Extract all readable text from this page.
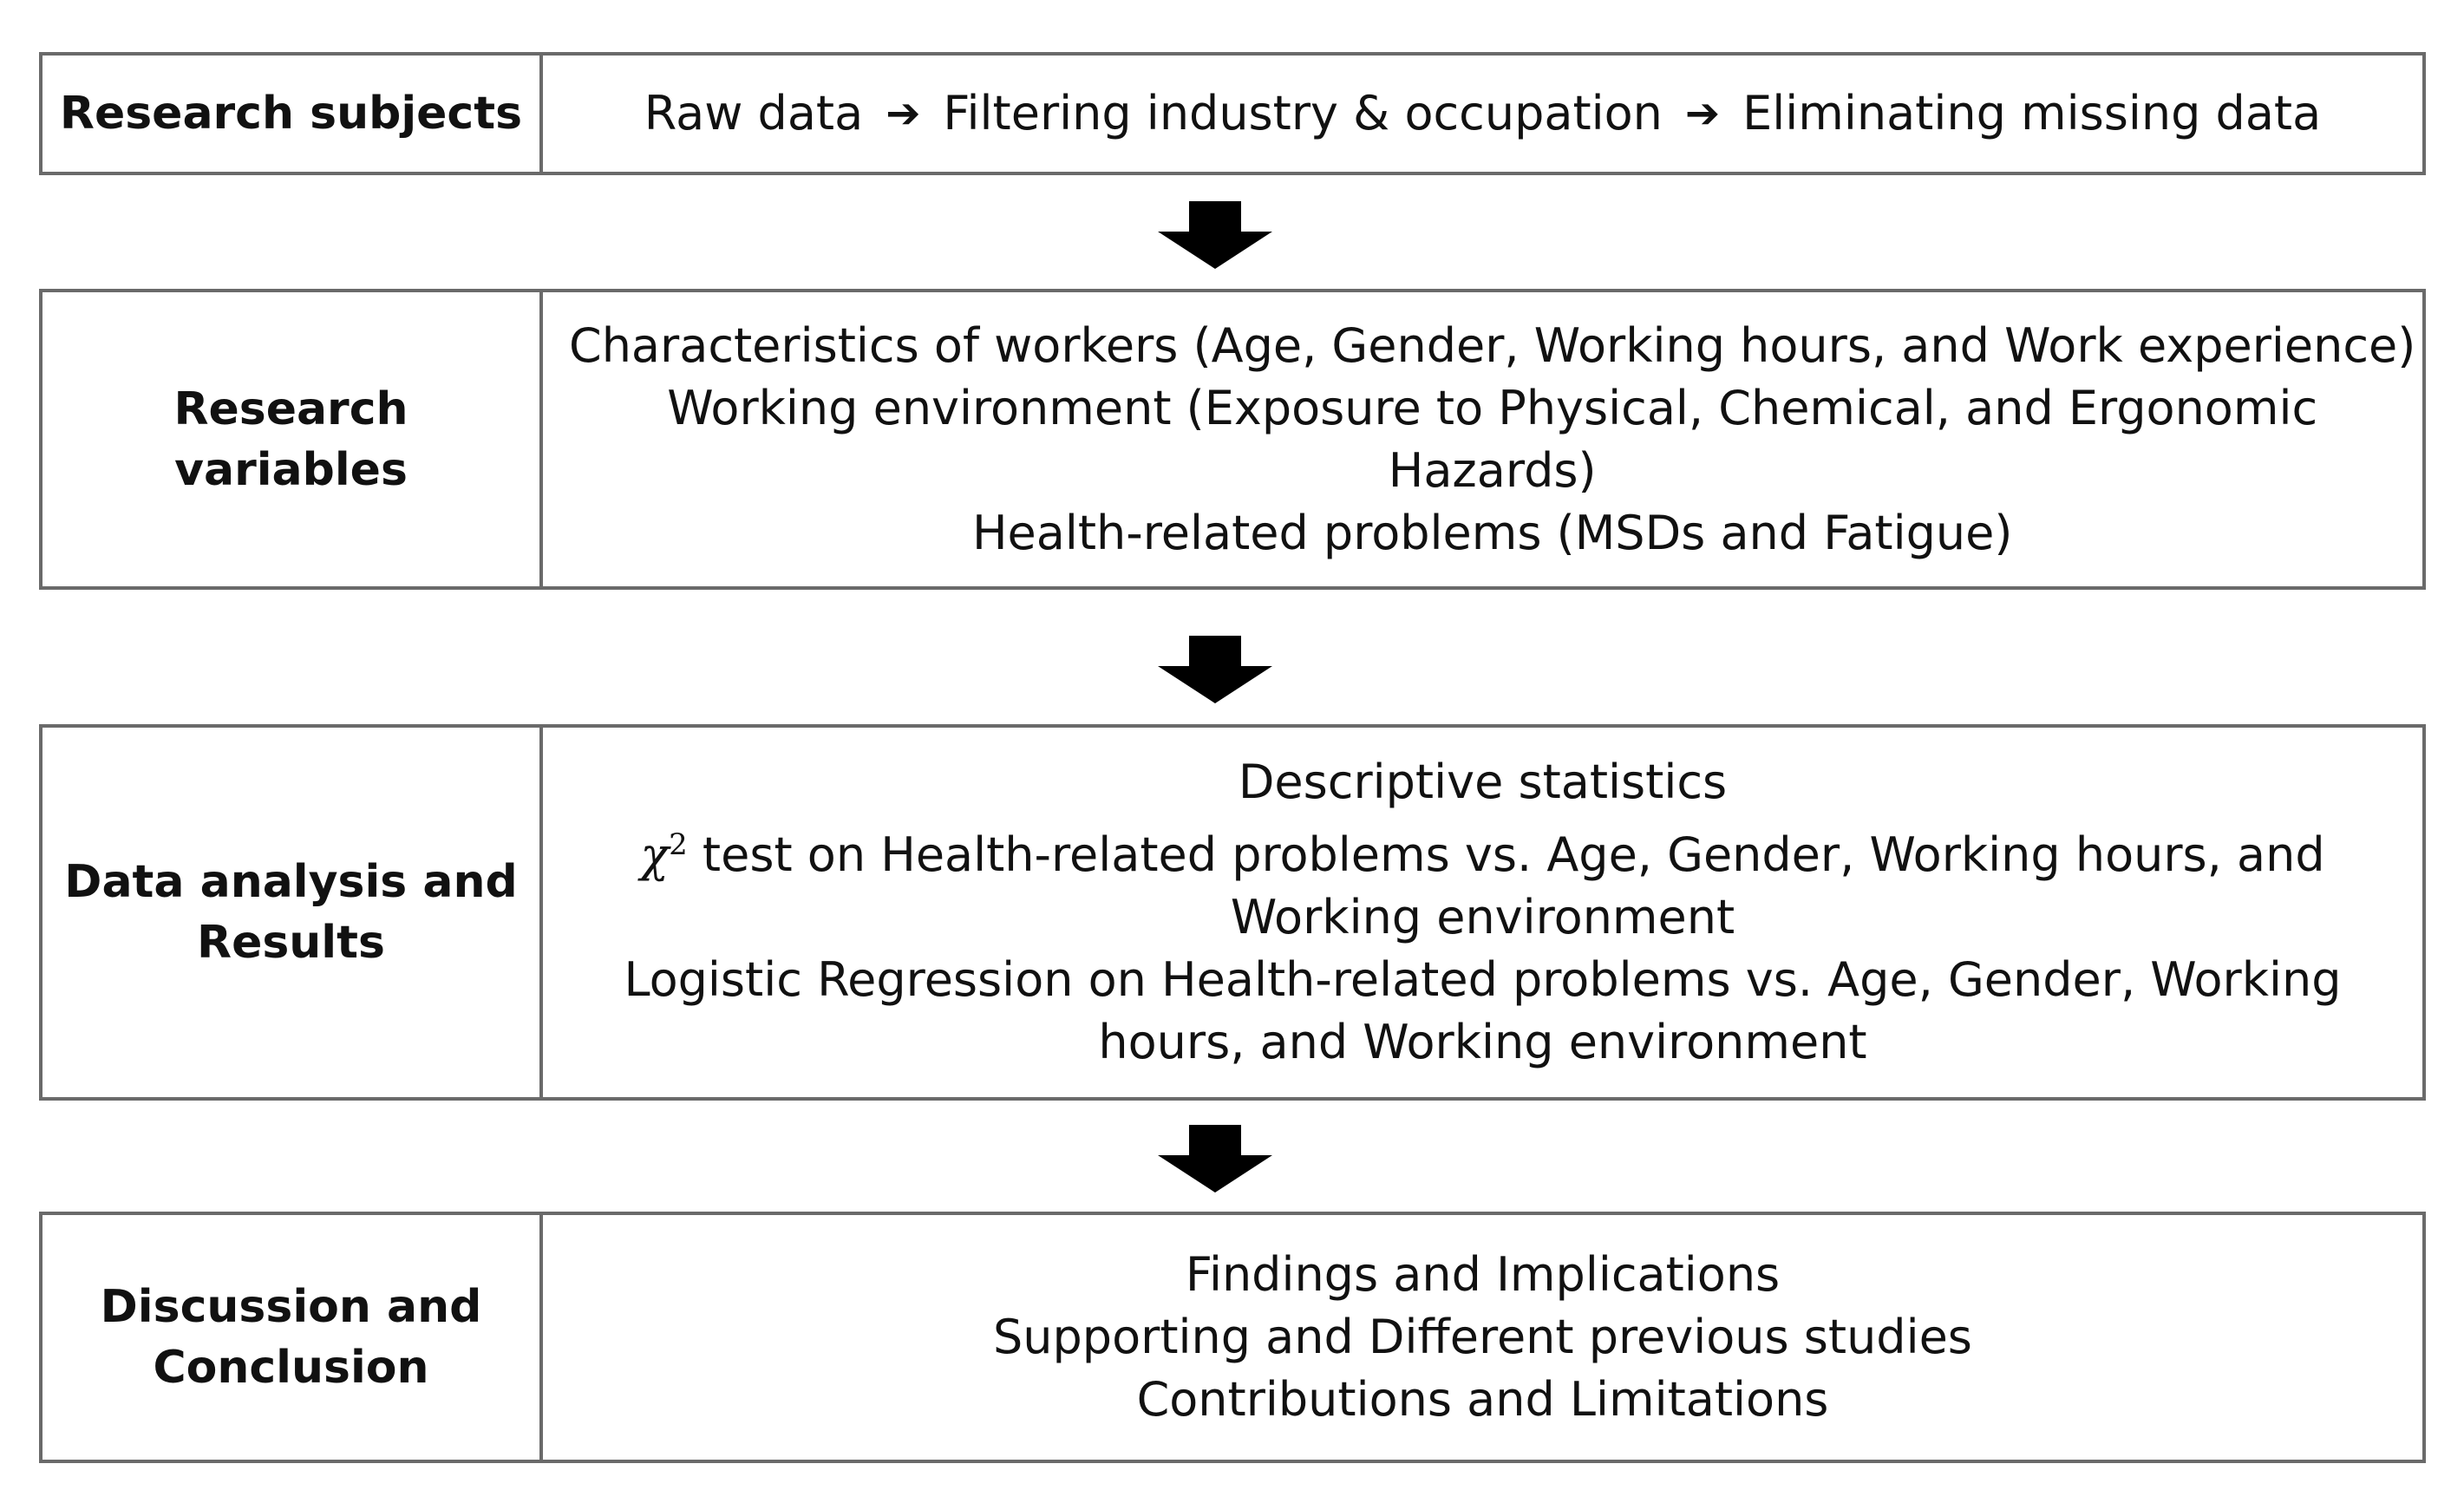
Research subjects	Raw data ➔ Filtering industry & occupation ➔ Eliminating missing data
Research variables
Characteristics of workers (Age, Gender, Working hours, and Work experience)
Working environment (Exposure to Physical, Chemical, and Ergonomic
Hazards)
Health-related problems (MSDs and Fatigue)
Data analysis and
Results
Descriptive statistics
$\chi^2$ test on Health-related problems vs. Age, Gender, Working hours, and
Working environment
Logistic Regression on Health-related problems vs. Age, Gender, Working
hours, and Working environment
Discussion and
Conclusion
Findings and Implications
Supporting and Different previous studies
Contributions and Limitations
